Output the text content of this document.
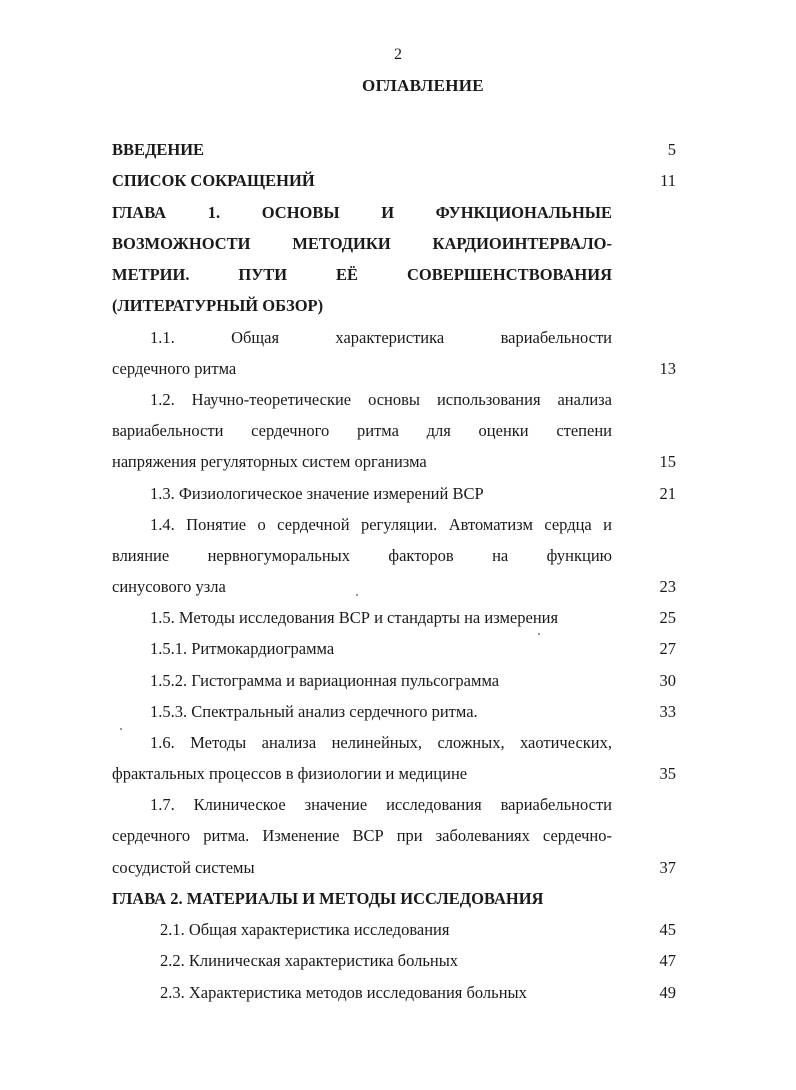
2
ОГЛАВЛЕНИЕ
ВВЕДЕНИЕ	5
СПИСОК СОКРАЩЕНИЙ	11
ГЛАВА 1. ОСНОВЫ И ФУНКЦИОНАЛЬНЫЕ
ВОЗМОЖНОСТИ МЕТОДИКИ КАРДИОИНТЕРВАЛО-
МЕТРИИ. ПУТИ ЕЁ СОВЕРШЕНСТВОВАНИЯ
(ЛИТЕРАТУРНЫЙ ОБЗОР)
1.1. Общая характеристика вариабельности
сердечного ритма	13
1.2. Научно-теоретические основы использования анализа
вариабельности сердечного ритма для оценки степени
напряжения регуляторных систем организма	15
1.3. Физиологическое значение измерений ВСР	21
1.4. Понятие о сердечной регуляции. Автоматизм сердца и
влияние нервногуморальных факторов на функцию
синусового узла	23
1.5. Методы исследования ВСР и стандарты на измерения	25
1.5.1. Ритмокардиограмма	27
1.5.2. Гистограмма и вариационная пульсограмма	30
1.5.3. Спектральный анализ сердечного ритма.	33
1.6. Методы анализа нелинейных, сложных, хаотических,
фрактальных процессов в физиологии и медицине	35
1.7. Клиническое значение исследования вариабельности
сердечного ритма. Изменение ВСР при заболеваниях сердечно-
сосудистой системы	37
ГЛАВА 2. МАТЕРИАЛЫ И МЕТОДЫ ИССЛЕДОВАНИЯ
2.1. Общая характеристика исследования	45
2.2. Клиническая характеристика больных	47
2.3. Характеристика методов исследования больных	49
